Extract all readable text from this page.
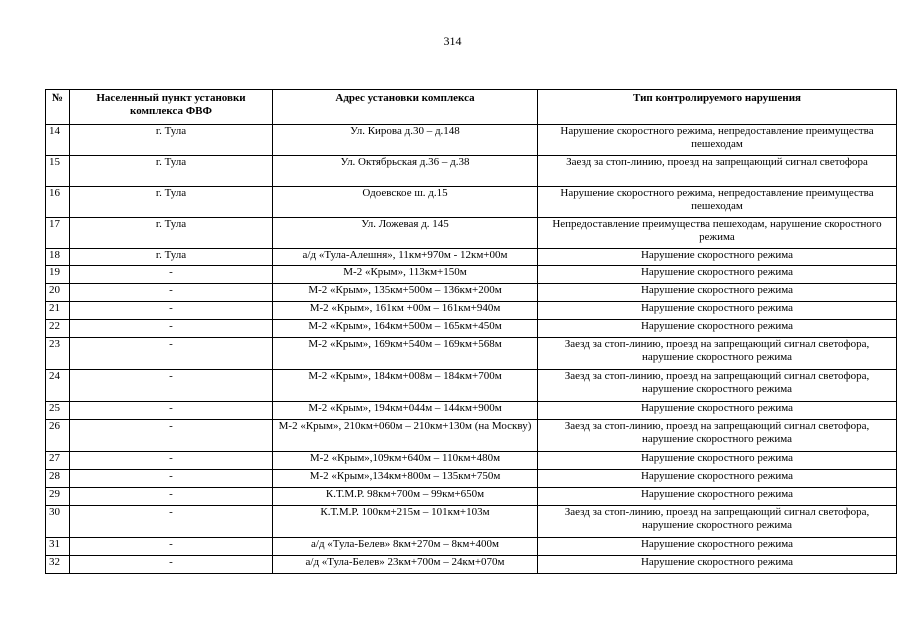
314
№	Населенный пункт установки комплекса ФВФ	Адрес установки комплекса	Тип контролируемого нарушения
14	г. Тула	Ул. Кирова д.30 – д.148	Нарушение скоростного режима, непредоставление преимущества пешеходам
15	г. Тула	Ул. Октябрьская д.36 – д.38	Заезд за стоп-линию, проезд на запрещающий сигнал светофора
16	г. Тула	Одоевское ш. д.15	Нарушение скоростного режима, непредоставление преимущества пешеходам
17	г. Тула	Ул. Ложевая д. 145	Непредоставление преимущества пешеходам, нарушение скоростного режима
18	г. Тула	а/д «Тула-Алешня», 11км+970м - 12км+00м	Нарушение скоростного режима
19	-	М-2 «Крым», 113км+150м	Нарушение скоростного режима
20	-	М-2 «Крым», 135км+500м – 136км+200м	Нарушение скоростного режима
21	-	М-2 «Крым», 161км +00м – 161км+940м	Нарушение скоростного режима
22	-	М-2 «Крым», 164км+500м – 165км+450м	Нарушение скоростного режима
23	-	М-2 «Крым», 169км+540м – 169км+568м	Заезд за стоп-линию, проезд на запрещающий сигнал светофора, нарушение скоростного режима
24	-	М-2 «Крым», 184км+008м – 184км+700м	Заезд за стоп-линию, проезд на запрещающий сигнал светофора, нарушение скоростного режима
25	-	М-2 «Крым», 194км+044м – 144км+900м	Нарушение скоростного режима
26	-	М-2 «Крым», 210км+060м – 210км+130м (на Москву)	Заезд за стоп-линию, проезд на запрещающий сигнал светофора, нарушение скоростного режима
27	-	М-2 «Крым»,109км+640м – 110км+480м	Нарушение скоростного режима
28	-	М-2 «Крым»,134км+800м – 135км+750м	Нарушение скоростного режима
29	-	К.Т.М.Р. 98км+700м – 99км+650м	Нарушение скоростного режима
30	-	К.Т.М.Р. 100км+215м – 101км+103м	Заезд за стоп-линию, проезд на запрещающий сигнал светофора, нарушение скоростного режима
31	-	а/д «Тула-Белев» 8км+270м – 8км+400м	Нарушение скоростного режима
32	-	а/д «Тула-Белев» 23км+700м – 24км+070м	Нарушение скоростного режима
